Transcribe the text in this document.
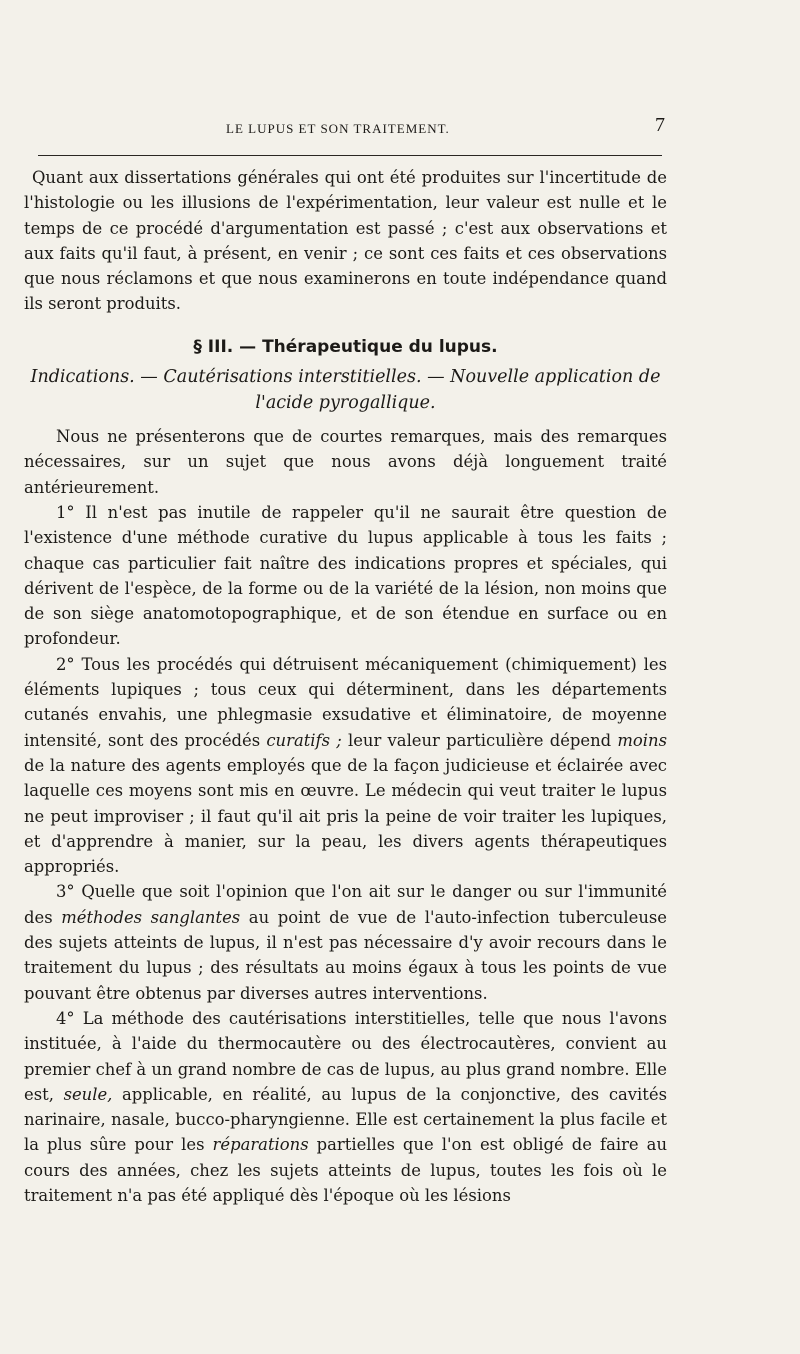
LE LUPUS ET SON TRAITEMENT.	7

Quant aux dissertations générales qui ont été produites sur l'incertitude de l'histologie ou les illusions de l'expérimentation, leur valeur est nulle et le temps de ce procédé d'argumentation est passé ; c'est aux observations et aux faits qu'il faut, à présent, en venir ; ce sont ces faits et ces observations que nous réclamons et que nous examinerons en toute indépendance quand ils seront produits.

§ III. — Thérapeutique du lupus.
Indications. — Cautérisations interstitielles. — Nouvelle application de l'acide pyrogallique.

Nous ne présenterons que de courtes remarques, mais des remarques nécessaires, sur un sujet que nous avons déjà longuement traité antérieurement.

1° Il n'est pas inutile de rappeler qu'il ne saurait être question de l'existence d'une méthode curative du lupus applicable à tous les faits ; chaque cas particulier fait naître des indications propres et spéciales, qui dérivent de l'espèce, de la forme ou de la variété de la lésion, non moins que de son siège anatomotopographique, et de son étendue en surface ou en profondeur.

2° Tous les procédés qui détruisent mécaniquement (chimiquement) les éléments lupiques ; tous ceux qui déterminent, dans les départements cutanés envahis, une phlegmasie exsudative et éliminatoire, de moyenne intensité, sont des procédés curatifs ; leur valeur particulière dépend moins de la nature des agents employés que de la façon judicieuse et éclairée avec laquelle ces moyens sont mis en œuvre. Le médecin qui veut traiter le lupus ne peut improviser ; il faut qu'il ait pris la peine de voir traiter les lupiques, et d'apprendre à manier, sur la peau, les divers agents thérapeutiques appropriés.

3° Quelle que soit l'opinion que l'on ait sur le danger ou sur l'immunité des méthodes sanglantes au point de vue de l'auto-infection tuberculeuse des sujets atteints de lupus, il n'est pas nécessaire d'y avoir recours dans le traitement du lupus ; des résultats au moins égaux à tous les points de vue pouvant être obtenus par diverses autres interventions.

4° La méthode des cautérisations interstitielles, telle que nous l'avons instituée, à l'aide du thermocautère ou des électrocautères, convient au premier chef à un grand nombre de cas de lupus, au plus grand nombre. Elle est, seule, applicable, en réalité, au lupus de la conjonctive, des cavités narinaire, nasale, bucco-pharyngienne. Elle est certainement la plus facile et la plus sûre pour les réparations partielles que l'on est obligé de faire au cours des années, chez les sujets atteints de lupus, toutes les fois où le traitement n'a pas été appliqué dès l'époque où les lésions
